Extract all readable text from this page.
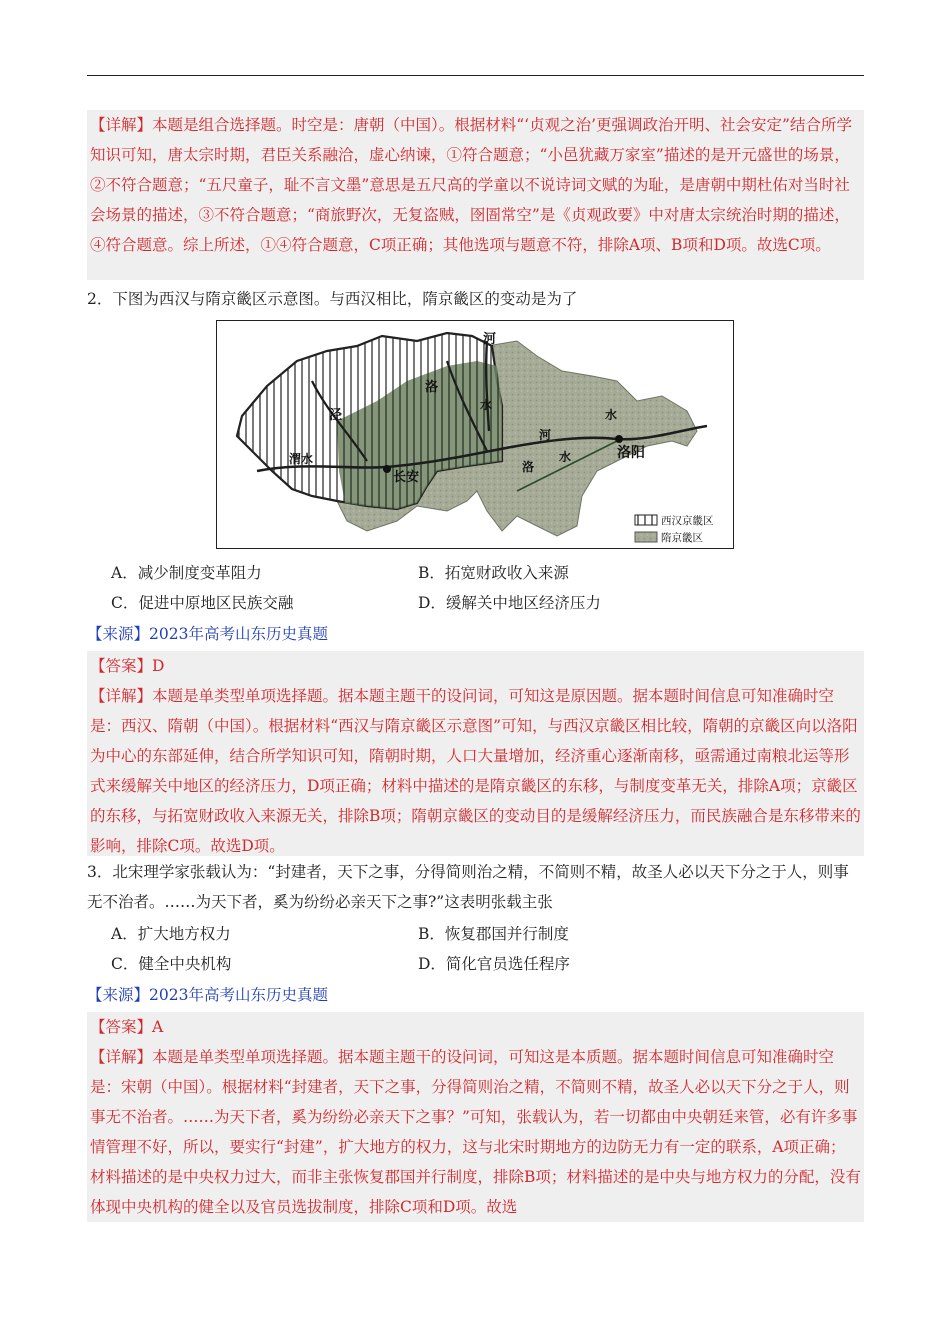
【详解】本题是组合选择题。时空是：唐朝（中国）。根据材料“‘贞观之治’更强调政治开明、社会安定”结合所学知识可知，唐太宗时期，君臣关系融洽，虚心纳谏，①符合题意；“小邑犹藏万家室”描述的是开元盛世的场景，②不符合题意；“五尺童子，耻不言文墨”意思是五尺高的学童以不说诗词文赋的为耻，是唐朝中期杜佑对当时社会场景的描述，③不符合题意；“商旅野次，无复盗贼，囹圄常空”是《贞观政要》中对唐太宗统治时期的描述，④符合题意。综上所述，①④符合题意，C项正确；其他选项与题意不符，排除A项、B项和D项。故选C项。
2．下图为西汉与隋京畿区示意图。与西汉相比，隋京畿区的变动是为了
河
洛
泾
水
渭水
长安
河
水
洛
水	洛阳
西汉京畿区
隋京畿区
A．减少制度变革阻力	B．拓宽财政收入来源
C．促进中原地区民族交融	D．缓解关中地区经济压力
【来源】2023年高考山东历史真题
【答案】D
【详解】本题是单类型单项选择题。据本题主题干的设问词，可知这是原因题。据本题时间信息可知准确时空是：西汉、隋朝（中国）。根据材料“西汉与隋京畿区示意图”可知，与西汉京畿区相比较，隋朝的京畿区向以洛阳为中心的东部延伸，结合所学知识可知，隋朝时期，人口大量增加，经济重心逐渐南移，亟需通过南粮北运等形式来缓解关中地区的经济压力，D项正确；材料中描述的是隋京畿区的东移，与制度变革无关，排除A项；京畿区的东移，与拓宽财政收入来源无关，排除B项；隋朝京畿区的变动目的是缓解经济压力，而民族融合是东移带来的影响，排除C项。故选D项。
3．北宋理学家张载认为：“封建者，天下之事，分得简则治之精，不简则不精，故圣人必以天下分之于人，则事无不治者。……为天下者，奚为纷纷必亲天下之事?”这表明张载主张
A．扩大地方权力	B．恢复郡国并行制度
C．健全中央机构	D．简化官员选任程序
【来源】2023年高考山东历史真题
【答案】A
【详解】本题是单类型单项选择题。据本题主题干的设问词，可知这是本质题。据本题时间信息可知准确时空是：宋朝（中国）。根据材料“封建者，天下之事，分得简则治之精，不简则不精，故圣人必以天下分之于人，则事无不治者。……为天下者，奚为纷纷必亲天下之事？”可知，张载认为，若一切都由中央朝廷来管，必有许多事情管理不好，所以，要实行“封建”，扩大地方的权力，这与北宋时期地方的边防无力有一定的联系，A项正确；材料描述的是中央权力过大，而非主张恢复郡国并行制度，排除B项；材料描述的是中央与地方权力的分配，没有体现中央机构的健全以及官员选拔制度，排除C项和D项。故选
